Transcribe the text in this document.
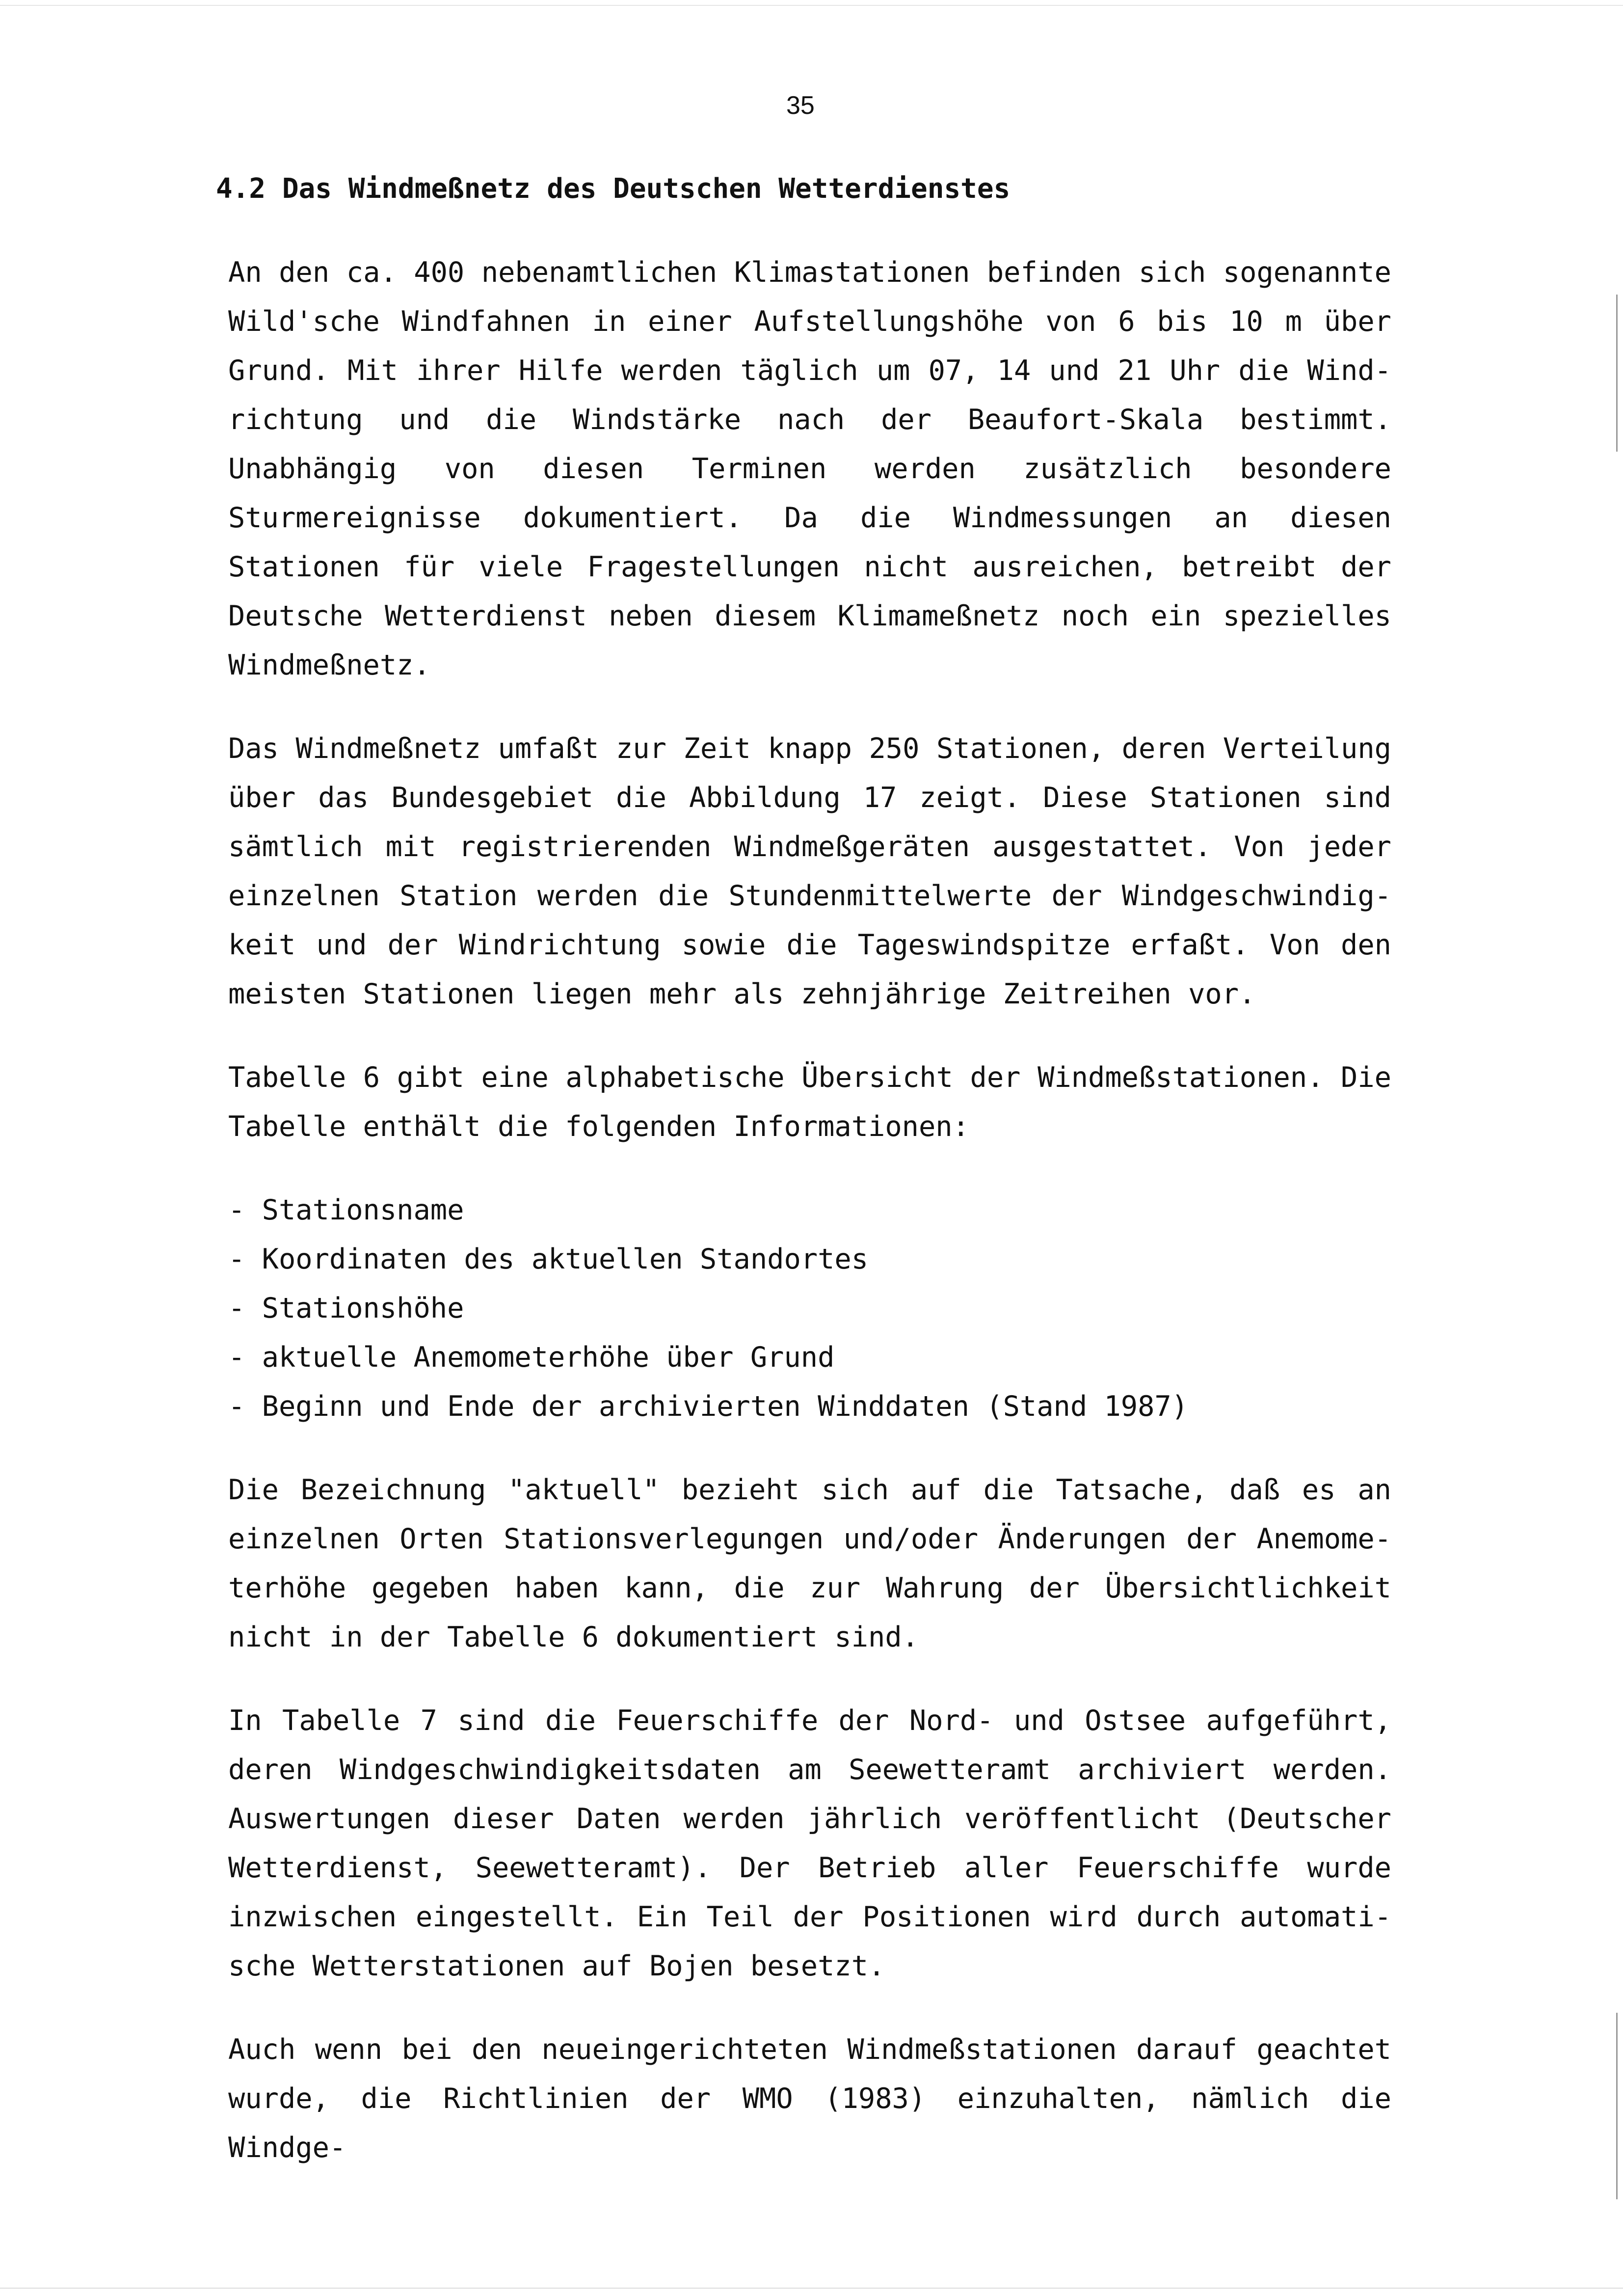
35
4.2 Das Windmeßnetz des Deutschen Wetterdienstes

An den ca. 400 nebenamtlichen Klimastationen befinden sich sogenannte Wild'sche Windfahnen in einer Aufstellungshöhe von 6 bis 10 m über Grund. Mit ihrer Hilfe werden täglich um 07, 14 und 21 Uhr die Windrichtung und die Windstärke nach der Beaufort-Skala bestimmt. Unabhängig von diesen Terminen werden zusätzlich besondere Sturmereignisse dokumentiert. Da die Windmessungen an diesen Stationen für viele Fragestellungen nicht ausreichen, betreibt der Deutsche Wetterdienst neben diesem Klimameßnetz noch ein spezielles Windmeßnetz.

Das Windmeßnetz umfaßt zur Zeit knapp 250 Stationen, deren Verteilung über das Bundesgebiet die Abbildung 17 zeigt. Diese Stationen sind sämtlich mit registrierenden Windmeßgeräten ausgestattet. Von jeder einzelnen Station werden die Stundenmittelwerte der Windgeschwindigkeit und der Windrichtung sowie die Tageswindspitze erfaßt. Von den meisten Stationen liegen mehr als zehnjährige Zeitreihen vor.

Tabelle 6 gibt eine alphabetische Übersicht der Windmeßstationen. Die Tabelle enthält die folgenden Informationen:

- Stationsname
- Koordinaten des aktuellen Standortes
- Stationshöhe
- aktuelle Anemometerhöhe über Grund
- Beginn und Ende der archivierten Winddaten (Stand 1987)

Die Bezeichnung "aktuell" bezieht sich auf die Tatsache, daß es an einzelnen Orten Stationsverlegungen und/oder Änderungen der Anemometerhöhe gegeben haben kann, die zur Wahrung der Übersichtlichkeit nicht in der Tabelle 6 dokumentiert sind.

In Tabelle 7 sind die Feuerschiffe der Nord- und Ostsee aufgeführt, deren Windgeschwindigkeitsdaten am Seewetteramt archiviert werden. Auswertungen dieser Daten werden jährlich veröffentlicht (Deutscher Wetterdienst, Seewetteramt). Der Betrieb aller Feuerschiffe wurde inzwischen eingestellt. Ein Teil der Positionen wird durch automatische Wetterstationen auf Bojen besetzt.

Auch wenn bei den neueingerichteten Windmeßstationen darauf geachtet wurde, die Richtlinien der WMO (1983) einzuhalten, nämlich die Windge-
